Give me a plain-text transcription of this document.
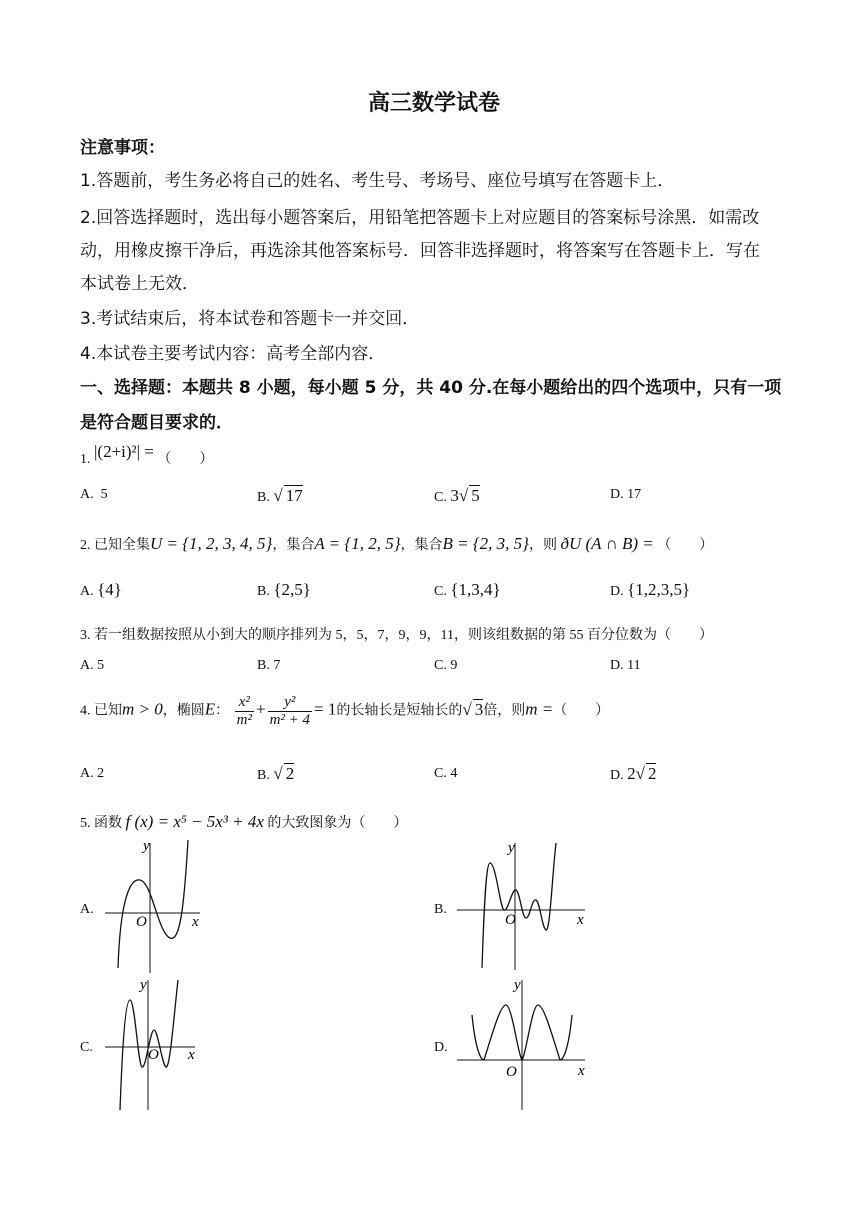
高三数学试卷
注意事项：
1.答题前，考生务必将自己的姓名、考生号、考场号、座位号填写在答题卡上．
2.回答选择题时，选出每小题答案后，用铅笔把答题卡上对应题目的答案标号涂黑．如需改
动，用橡皮擦干净后，再选涂其他答案标号．回答非选择题时，将答案写在答题卡上．写在
本试卷上无效．
3.考试结束后，将本试卷和答题卡一并交回．
4.本试卷主要考试内容：高考全部内容．
一、选择题：本题共 8 小题，每小题 5 分，共 40 分.在每小题给出的四个选项中，只有一项
是符合题目要求的．
1. |(2+i)²| = （　　）
A. 5	B. √ 17	C. 3√ 5	D. 17
2. 已知全集U = {1, 2, 3, 4, 5}，集合A = {1, 2, 5}，集合B = {2, 3, 5}，则 ðU (A ∩ B) = （　　）
A. {4}	B. {2,5}	C. {1,3,4}	D. {1,2,3,5}
3. 若一组数据按照从小到大的顺序排列为 5，5，7，9，9，11，则该组数据的第 55 百分位数为（　　）
A. 5	B. 7	C. 9	D. 11
4. 已知m > 0，椭圆E： $\frac{\text{x²}}{\text{m²}} + \frac{\text{y²}}{\text{m² + 4}} = 1$的长轴长是短轴长的√ 3倍，则m =（　　）
A. 2	B. √ 2	C. 4	D. 2√ 2
5. 函数 f (x) = x⁵ − 5x³ + 4x 的大致图象为（　　）
A.
y
x
O
B.
y
x
O
C.
y
x
O	D.
y
x
O
